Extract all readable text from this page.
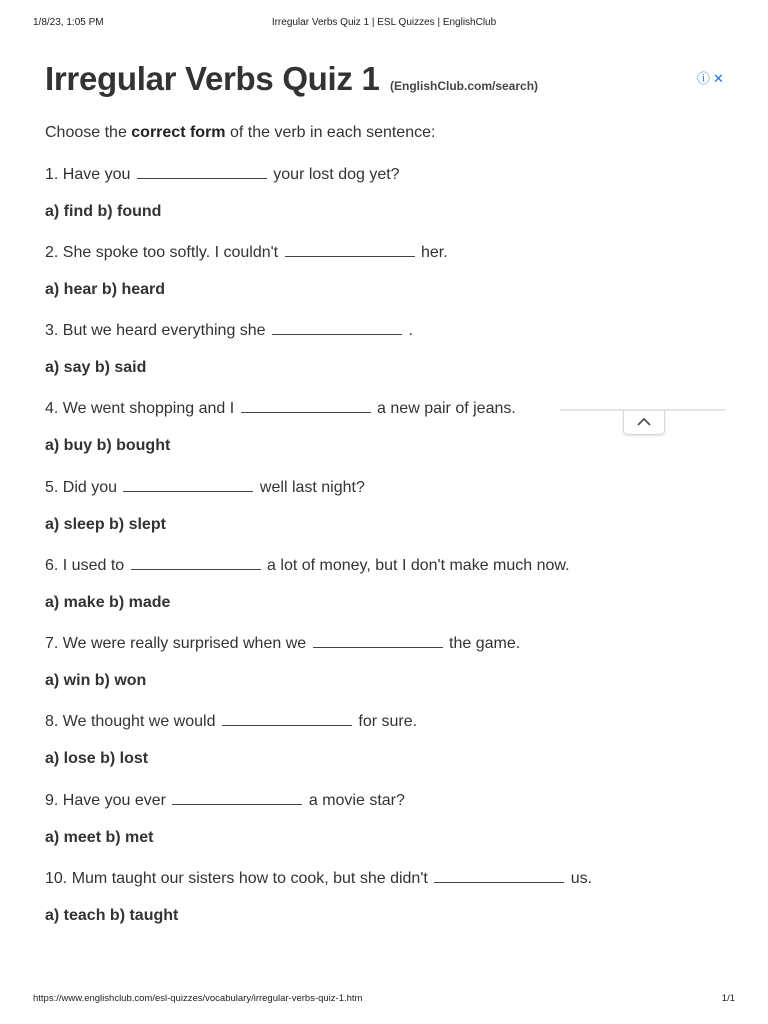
1/8/23, 1:05 PM	Irregular Verbs Quiz 1 | ESL Quizzes | EnglishClub
Irregular Verbs Quiz 1 (EnglishClub.com/search)	ⓘ ✕
Choose the correct form of the verb in each sentence:
1. Have you	your lost dog yet?
a) find b) found
2. She spoke too softly. I couldn't	her.
a) hear b) heard
3. But we heard everything she	.
a) say b) said
4. We went shopping and I	a new pair of jeans.
a) buy b) bought
5. Did you	well last night?
a) sleep b) slept
6. I used to	a lot of money, but I don't make much now.
a) make b) made
7. We were really surprised when we	the game.
a) win b) won
8. We thought we would	for sure.
a) lose b) lost
9. Have you ever	a movie star?
a) meet b) met
10. Mum taught our sisters how to cook, but she didn't	us.
a) teach b) taught
https://www.englishclub.com/esl-quizzes/vocabulary/irregular-verbs-quiz-1.htm	1/1
